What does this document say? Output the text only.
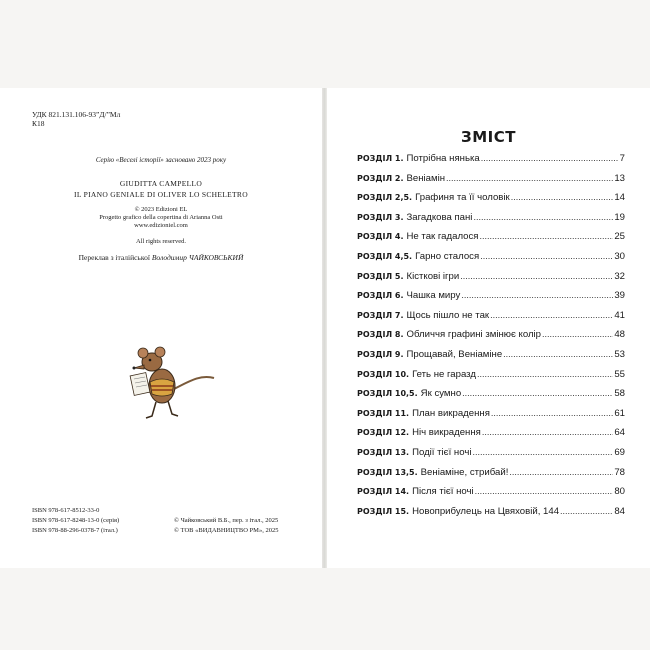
УДК 821.131.106-93”Д/”Мл
К18
Серію «Веселі історії» засновано 2023 року
GIUDITTA CAMPELLO
IL PIANO GENIALE DI OLIVER LO SCHELETRO
© 2023 Edizioni EL
Progetto grafico della copertina di Arianna Osti
www.edizioniel.com
All rights reserved.
Переклав з італійської Володимир ЧАЙКОВСЬКИЙ
ISBN 978-617-8512-33-0
ISBN 978-617-8248-13-0 (серія)
ISBN 978-88-296-0378-7 (італ.)
© Чайковський В.Б., пер. з італ., 2025
© ТОВ «ВИДАВНИЦТВО РМ», 2025
ЗМІСТ
РОЗДІЛ 1. Потрібна нянька .....	7
РОЗДІЛ 2. Веніамін .....	13
РОЗДІЛ 2,5. Графиня та її чоловік .....	14
РОЗДІЛ 3. Загадкова пані .....	19
РОЗДІЛ 4. Не так гадалося .....	25
РОЗДІЛ 4,5. Гарно сталося .....	30
РОЗДІЛ 5. Кісткові ігри .....	32
РОЗДІЛ 6. Чашка миру .....	39
РОЗДІЛ 7. Щось пішло не так .....	41
РОЗДІЛ 8. Обличчя графині змінює колір .....	48
РОЗДІЛ 9. Прощавай, Веніаміне .....	53
РОЗДІЛ 10. Геть не гаразд .....	55
РОЗДІЛ 10,5. Як сумно .....	58
РОЗДІЛ 11. План викрадення .....	61
РОЗДІЛ 12. Ніч викрадення .....	64
РОЗДІЛ 13. Події тієї ночі .....	69
РОЗДІЛ 13,5. Веніаміне, стрибай! .....	78
РОЗДІЛ 14. Після тієї ночі .....	80
РОЗДІЛ 15. Новоприбулець на Цвяховій, 144 .....	84
